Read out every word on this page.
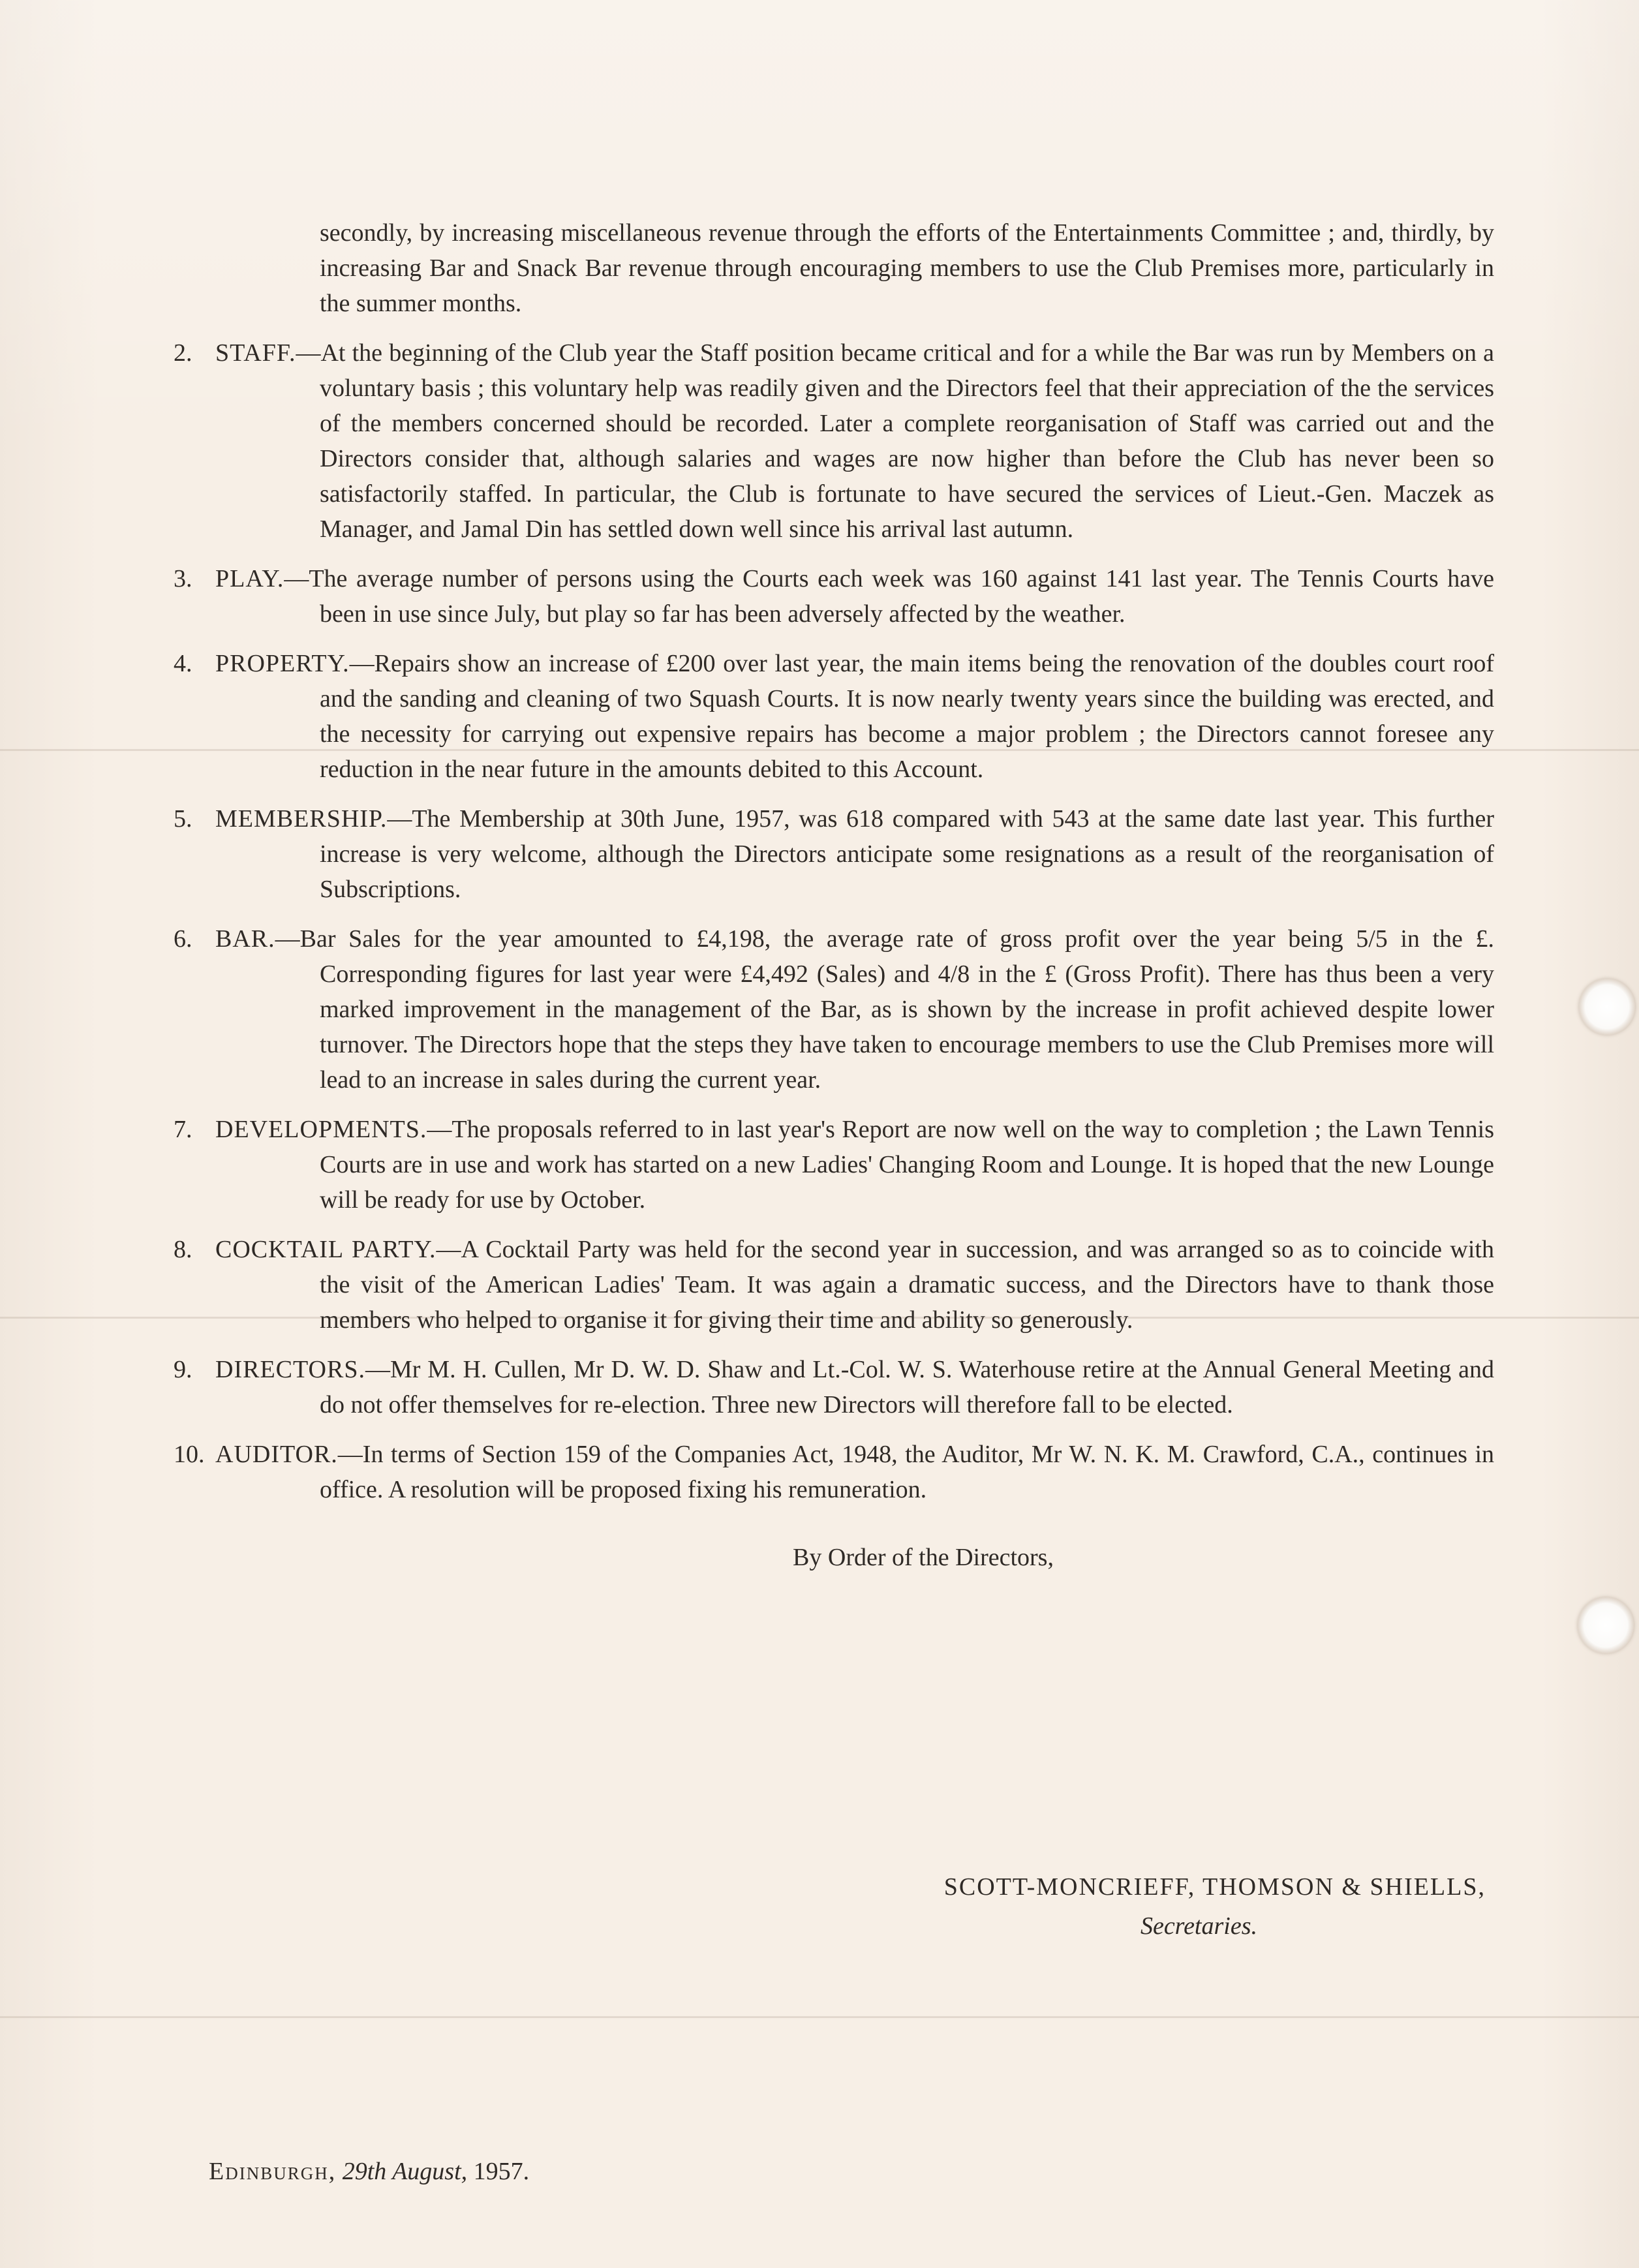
secondly, by increasing miscellaneous revenue through the efforts of the Entertainments Committee ; and, thirdly, by increasing Bar and Snack Bar revenue through encouraging members to use the Club Premises more, particularly in the summer months.

2. STAFF.—At the beginning of the Club year the Staff position became critical and for a while the Bar was run by Members on a voluntary basis ; this voluntary help was readily given and the Directors feel that their appreciation of the the services of the members concerned should be recorded. Later a complete reorganisation of Staff was carried out and the Directors consider that, although salaries and wages are now higher than before the Club has never been so satisfactorily staffed. In particular, the Club is fortunate to have secured the services of Lieut.-Gen. Maczek as Manager, and Jamal Din has settled down well since his arrival last autumn.

3. PLAY.—The average number of persons using the Courts each week was 160 against 141 last year. The Tennis Courts have been in use since July, but play so far has been adversely affected by the weather.

4. PROPERTY.—Repairs show an increase of £200 over last year, the main items being the renovation of the doubles court roof and the sanding and cleaning of two Squash Courts. It is now nearly twenty years since the building was erected, and the necessity for carrying out expensive repairs has become a major problem ; the Directors cannot foresee any reduction in the near future in the amounts debited to this Account.

5. MEMBERSHIP.—The Membership at 30th June, 1957, was 618 compared with 543 at the same date last year. This further increase is very welcome, although the Directors anticipate some resignations as a result of the reorganisation of Subscriptions.

6. BAR.—Bar Sales for the year amounted to £4,198, the average rate of gross profit over the year being 5/5 in the £. Corresponding figures for last year were £4,492 (Sales) and 4/8 in the £ (Gross Profit). There has thus been a very marked improvement in the management of the Bar, as is shown by the increase in profit achieved despite lower turnover. The Directors hope that the steps they have taken to encourage members to use the Club Premises more will lead to an increase in sales during the current year.

7. DEVELOPMENTS.—The proposals referred to in last year's Report are now well on the way to completion ; the Lawn Tennis Courts are in use and work has started on a new Ladies' Changing Room and Lounge. It is hoped that the new Lounge will be ready for use by October.

8. COCKTAIL PARTY.—A Cocktail Party was held for the second year in succession, and was arranged so as to coincide with the visit of the American Ladies' Team. It was again a dramatic success, and the Directors have to thank those members who helped to organise it for giving their time and ability so generously.

9. DIRECTORS.—Mr M. H. Cullen, Mr D. W. D. Shaw and Lt.-Col. W. S. Waterhouse retire at the Annual General Meeting and do not offer themselves for re-election. Three new Directors will therefore fall to be elected.

10. AUDITOR.—In terms of Section 159 of the Companies Act, 1948, the Auditor, Mr W. N. K. M. Crawford, C.A., continues in office. A resolution will be proposed fixing his remuneration.

By Order of the Directors,
SCOTT-MONCRIEFF, THOMSON & SHIELLS,
Secretaries.
Edinburgh, 29th August, 1957.
